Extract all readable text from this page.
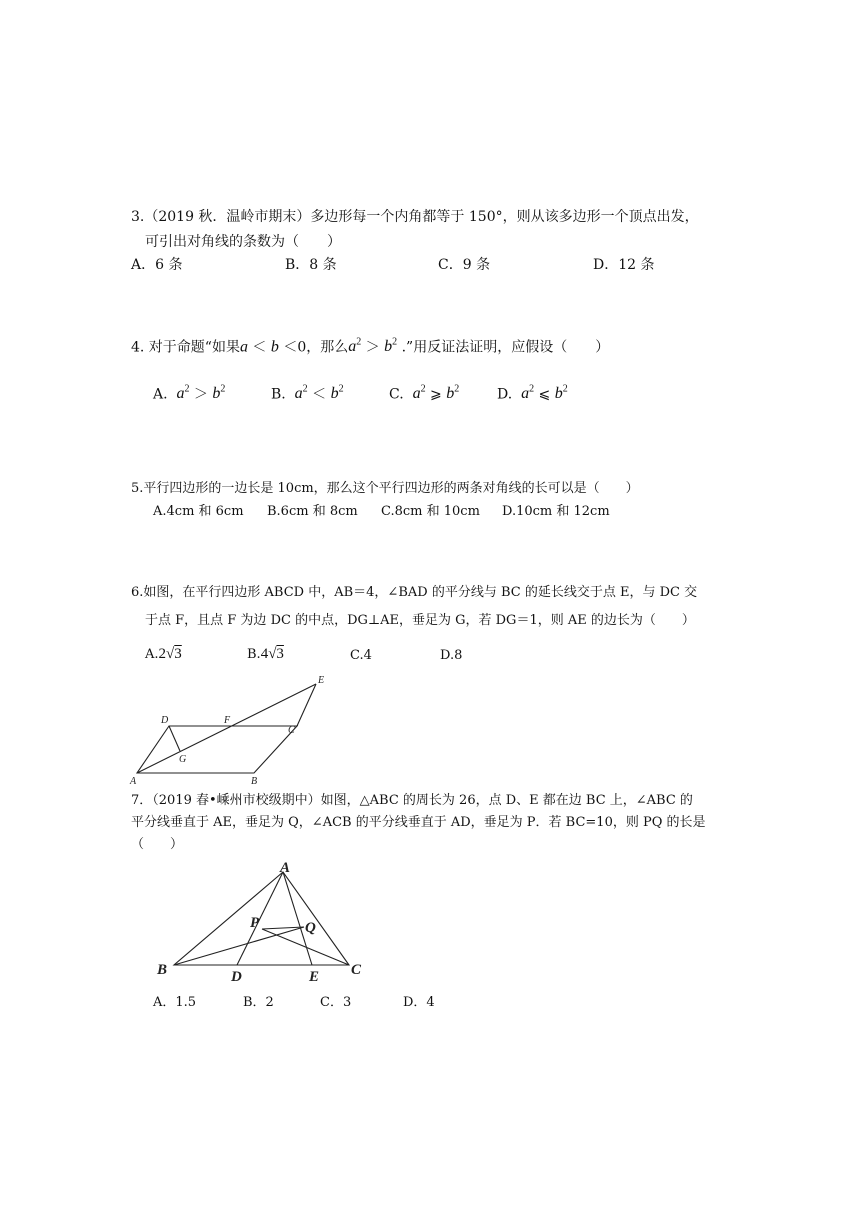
3.（2019 秋．温岭市期末）多边形每一个内角都等于 150°，则从该多边形一个顶点出发，
可引出对角线的条数为（　　）
A．6 条	B．8 条	C．9 条	D．12 条
4. 对于命题“如果a ＜ b ＜0，那么$a^2 > b^2$ .”用反证法证明，应假设（　　）
A. $a^2 > b^2$	B. $a^2 < b^2$	C. $a^2$ ⩾ $b^2$	D. $a^2$ ⩽ $b^2$
5.平行四边形的一边长是 10cm，那么这个平行四边形的两条对角线的长可以是（　　）
A.4cm 和 6cm B.6cm 和 8cm C.8cm 和 10cm D.10cm 和 12cm
6.如图，在平行四边形 ABCD 中，AB＝4，∠BAD 的平分线与 BC 的延长线交于点 E，与 DC 交
于点 F，且点 F 为边 DC 的中点，DG⊥AE，垂足为 G，若 DG＝1，则 AE 的边长为（　　）
A.2√3	B.4√3	C.4	D.8
A	B
C
D
E
F
G
7．（2019 春•嵊州市校级期中）如图，△ABC 的周长为 26，点 D、E 都在边 BC 上，∠ABC 的
平分线垂直于 AE，垂足为 Q，∠ACB 的平分线垂直于 AD，垂足为 P．若 BC=10，则 PQ 的长是
（　　）
A
B	C
D	E
P	Q
A．1.5	B．2	C．3	D．4
